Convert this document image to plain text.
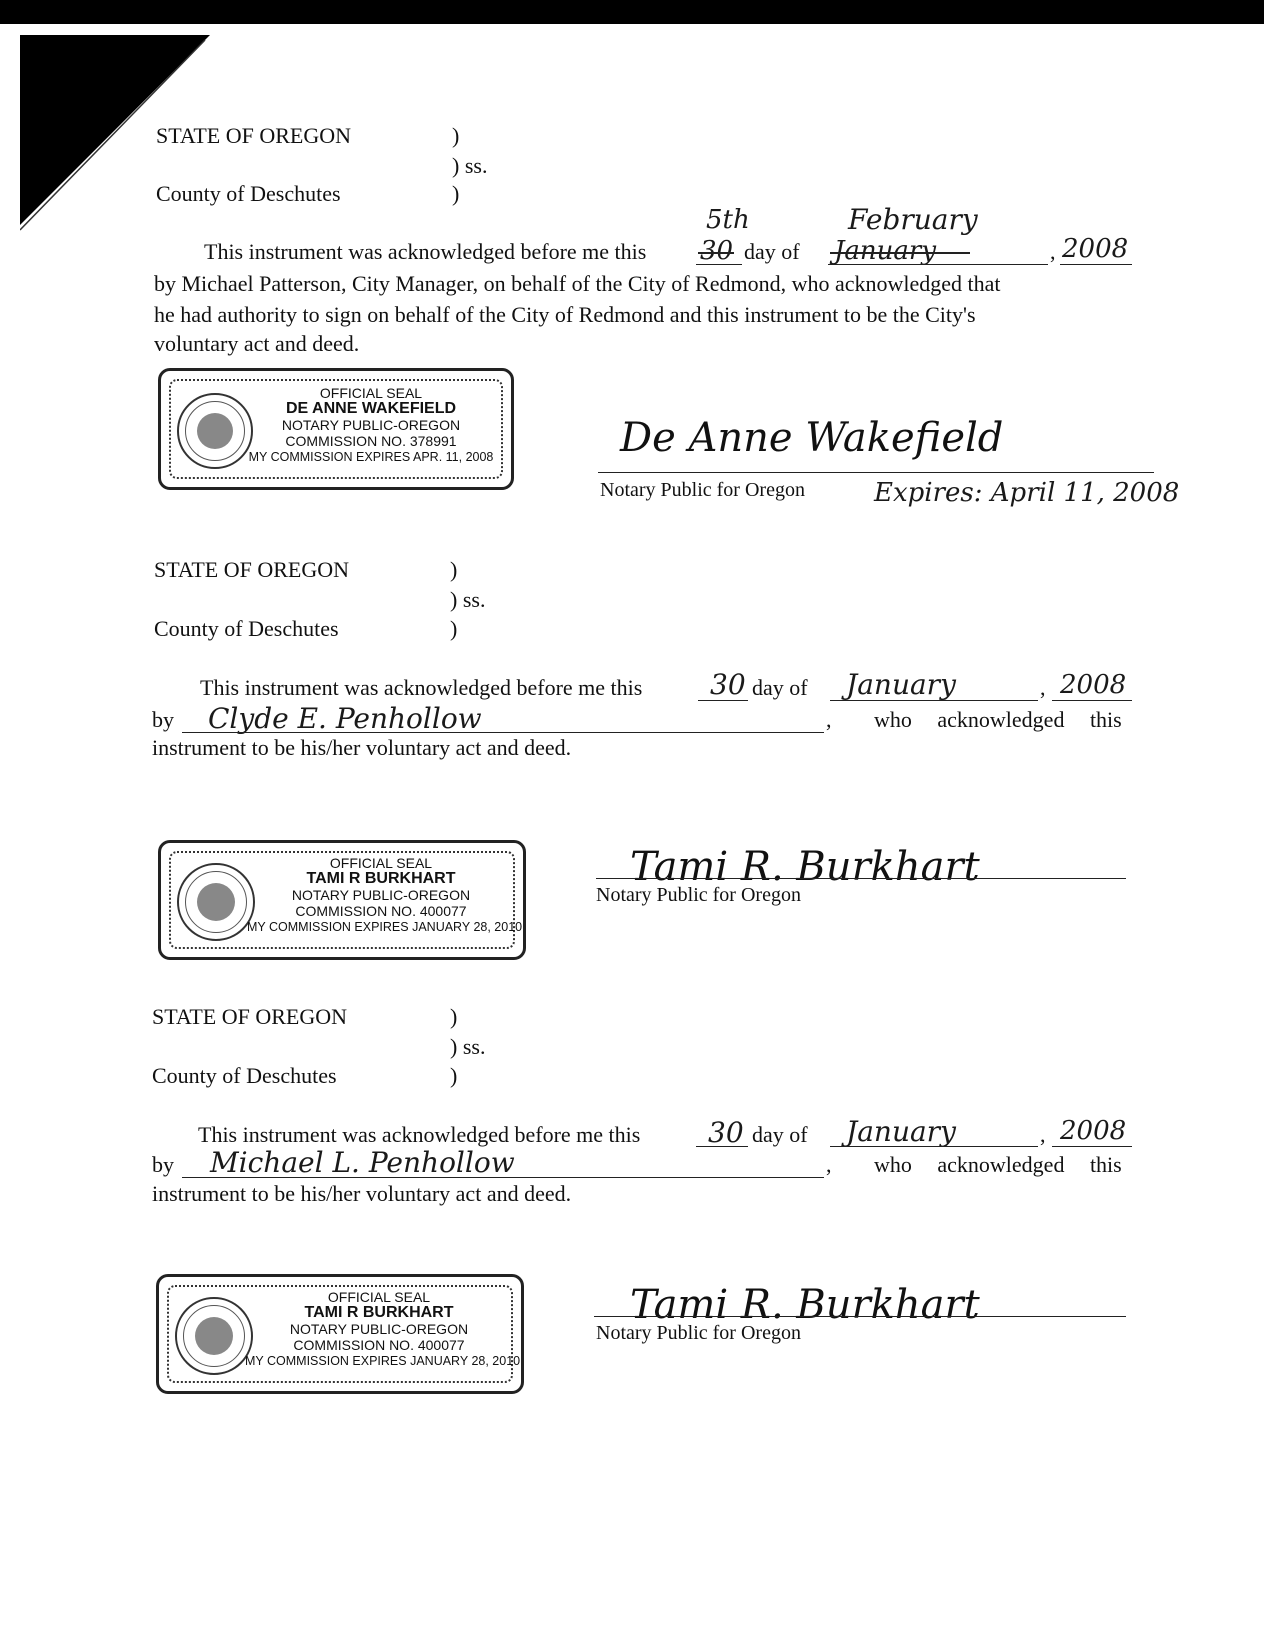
STATE OF OREGON	)
) ss.
County of Deschutes	)
This instrument was acknowledged before me this 30
5th
day of January
February
, 2008
by Michael Patterson, City Manager, on behalf of the City of Redmond, who acknowledged that
he had authority to sign on behalf of the City of Redmond and this instrument to be the City's
voluntary act and deed.
OFFICIAL SEAL
DE ANNE WAKEFIELD
NOTARY PUBLIC-OREGON
COMMISSION NO. 378991
MY COMMISSION EXPIRES APR. 11, 2008	De Anne Wakefield
Notary Public for Oregon	Expires: April 11, 2008
STATE OF OREGON	)
) ss.
County of Deschutes	)
This instrument was acknowledged before me this 30 day of January	, 2008
by Clyde E. Penhollow	, who acknowledged this
instrument to be his/her voluntary act and deed.
OFFICIAL SEAL
TAMI R BURKHART
NOTARY PUBLIC-OREGON
COMMISSION NO. 400077
MY COMMISSION EXPIRES JANUARY 28, 2010
Tami R. Burkhart
Notary Public for Oregon
STATE OF OREGON	)
) ss.
County of Deschutes	)
This instrument was acknowledged before me this 30 day of January	, 2008
by Michael L. Penhollow	, who acknowledged this
instrument to be his/her voluntary act and deed.
OFFICIAL SEAL
TAMI R BURKHART
NOTARY PUBLIC-OREGON
COMMISSION NO. 400077
MY COMMISSION EXPIRES JANUARY 28, 2010
Tami R. Burkhart
Notary Public for Oregon
